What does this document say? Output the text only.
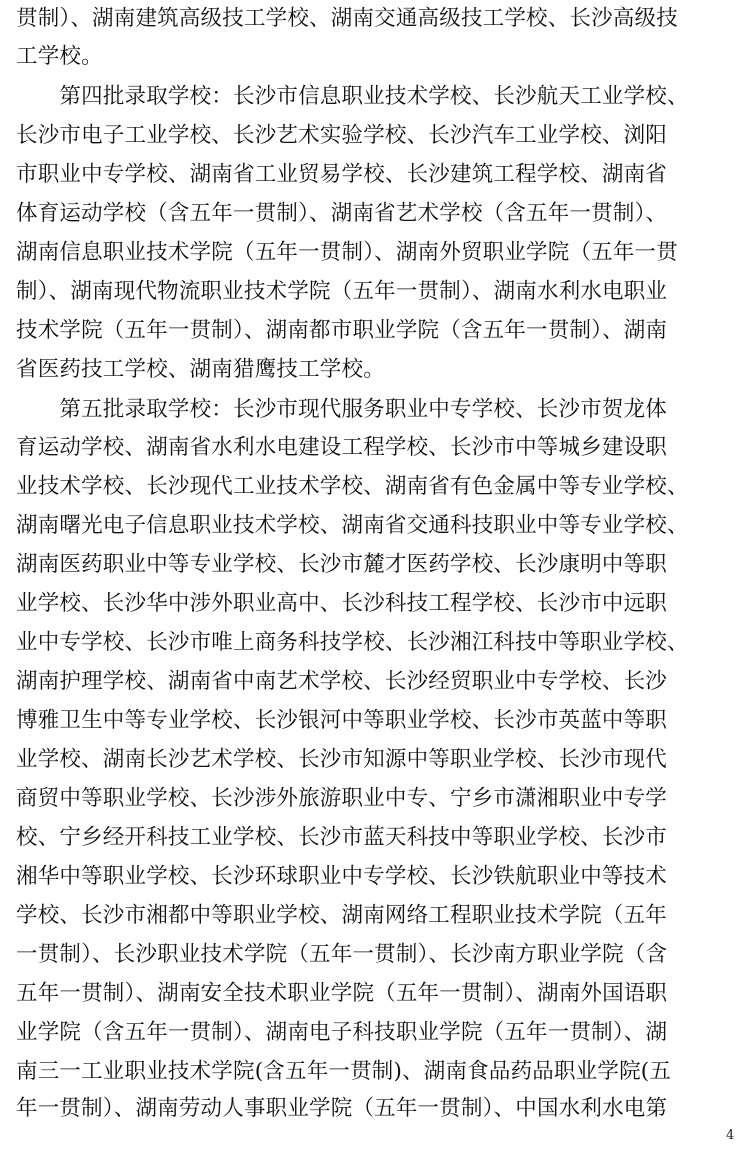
贯制）、湖南建筑高级技工学校、湖南交通高级技工学校、长沙高级技
工学校。
　　第四批录取学校：长沙市信息职业技术学校、长沙航天工业学校、
长沙市电子工业学校、长沙艺术实验学校、长沙汽车工业学校、浏阳
市职业中专学校、湖南省工业贸易学校、长沙建筑工程学校、湖南省
体育运动学校（含五年一贯制）、湖南省艺术学校（含五年一贯制）、
湖南信息职业技术学院（五年一贯制）、湖南外贸职业学院（五年一贯
制）、湖南现代物流职业技术学院（五年一贯制）、湖南水利水电职业
技术学院（五年一贯制）、湖南都市职业学院（含五年一贯制）、湖南
省医药技工学校、湖南猎鹰技工学校。
　　第五批录取学校：长沙市现代服务职业中专学校、长沙市贺龙体
育运动学校、湖南省水利水电建设工程学校、长沙市中等城乡建设职
业技术学校、长沙现代工业技术学校、湖南省有色金属中等专业学校、
湖南曙光电子信息职业技术学校、湖南省交通科技职业中等专业学校、
湖南医药职业中等专业学校、长沙市麓才医药学校、长沙康明中等职
业学校、长沙华中涉外职业高中、长沙科技工程学校、长沙市中远职
业中专学校、长沙市唯上商务科技学校、长沙湘江科技中等职业学校、
湖南护理学校、湖南省中南艺术学校、长沙经贸职业中专学校、长沙
博雅卫生中等专业学校、长沙银河中等职业学校、长沙市英蓝中等职
业学校、湖南长沙艺术学校、长沙市知源中等职业学校、长沙市现代
商贸中等职业学校、长沙涉外旅游职业中专、宁乡市潇湘职业中专学
校、宁乡经开科技工业学校、长沙市蓝天科技中等职业学校、长沙市
湘华中等职业学校、长沙环球职业中专学校、长沙铁航职业中等技术
学校、长沙市湘都中等职业学校、湖南网络工程职业技术学院（五年
一贯制）、长沙职业技术学院（五年一贯制）、长沙南方职业学院（含
五年一贯制）、湖南安全技术职业学院（五年一贯制）、湖南外国语职
业学院（含五年一贯制）、湖南电子科技职业学院（五年一贯制）、湖
南三一工业职业技术学院(含五年一贯制)、湖南食品药品职业学院(五
年一贯制）、湖南劳动人事职业学院（五年一贯制）、中国水利水电第
4
